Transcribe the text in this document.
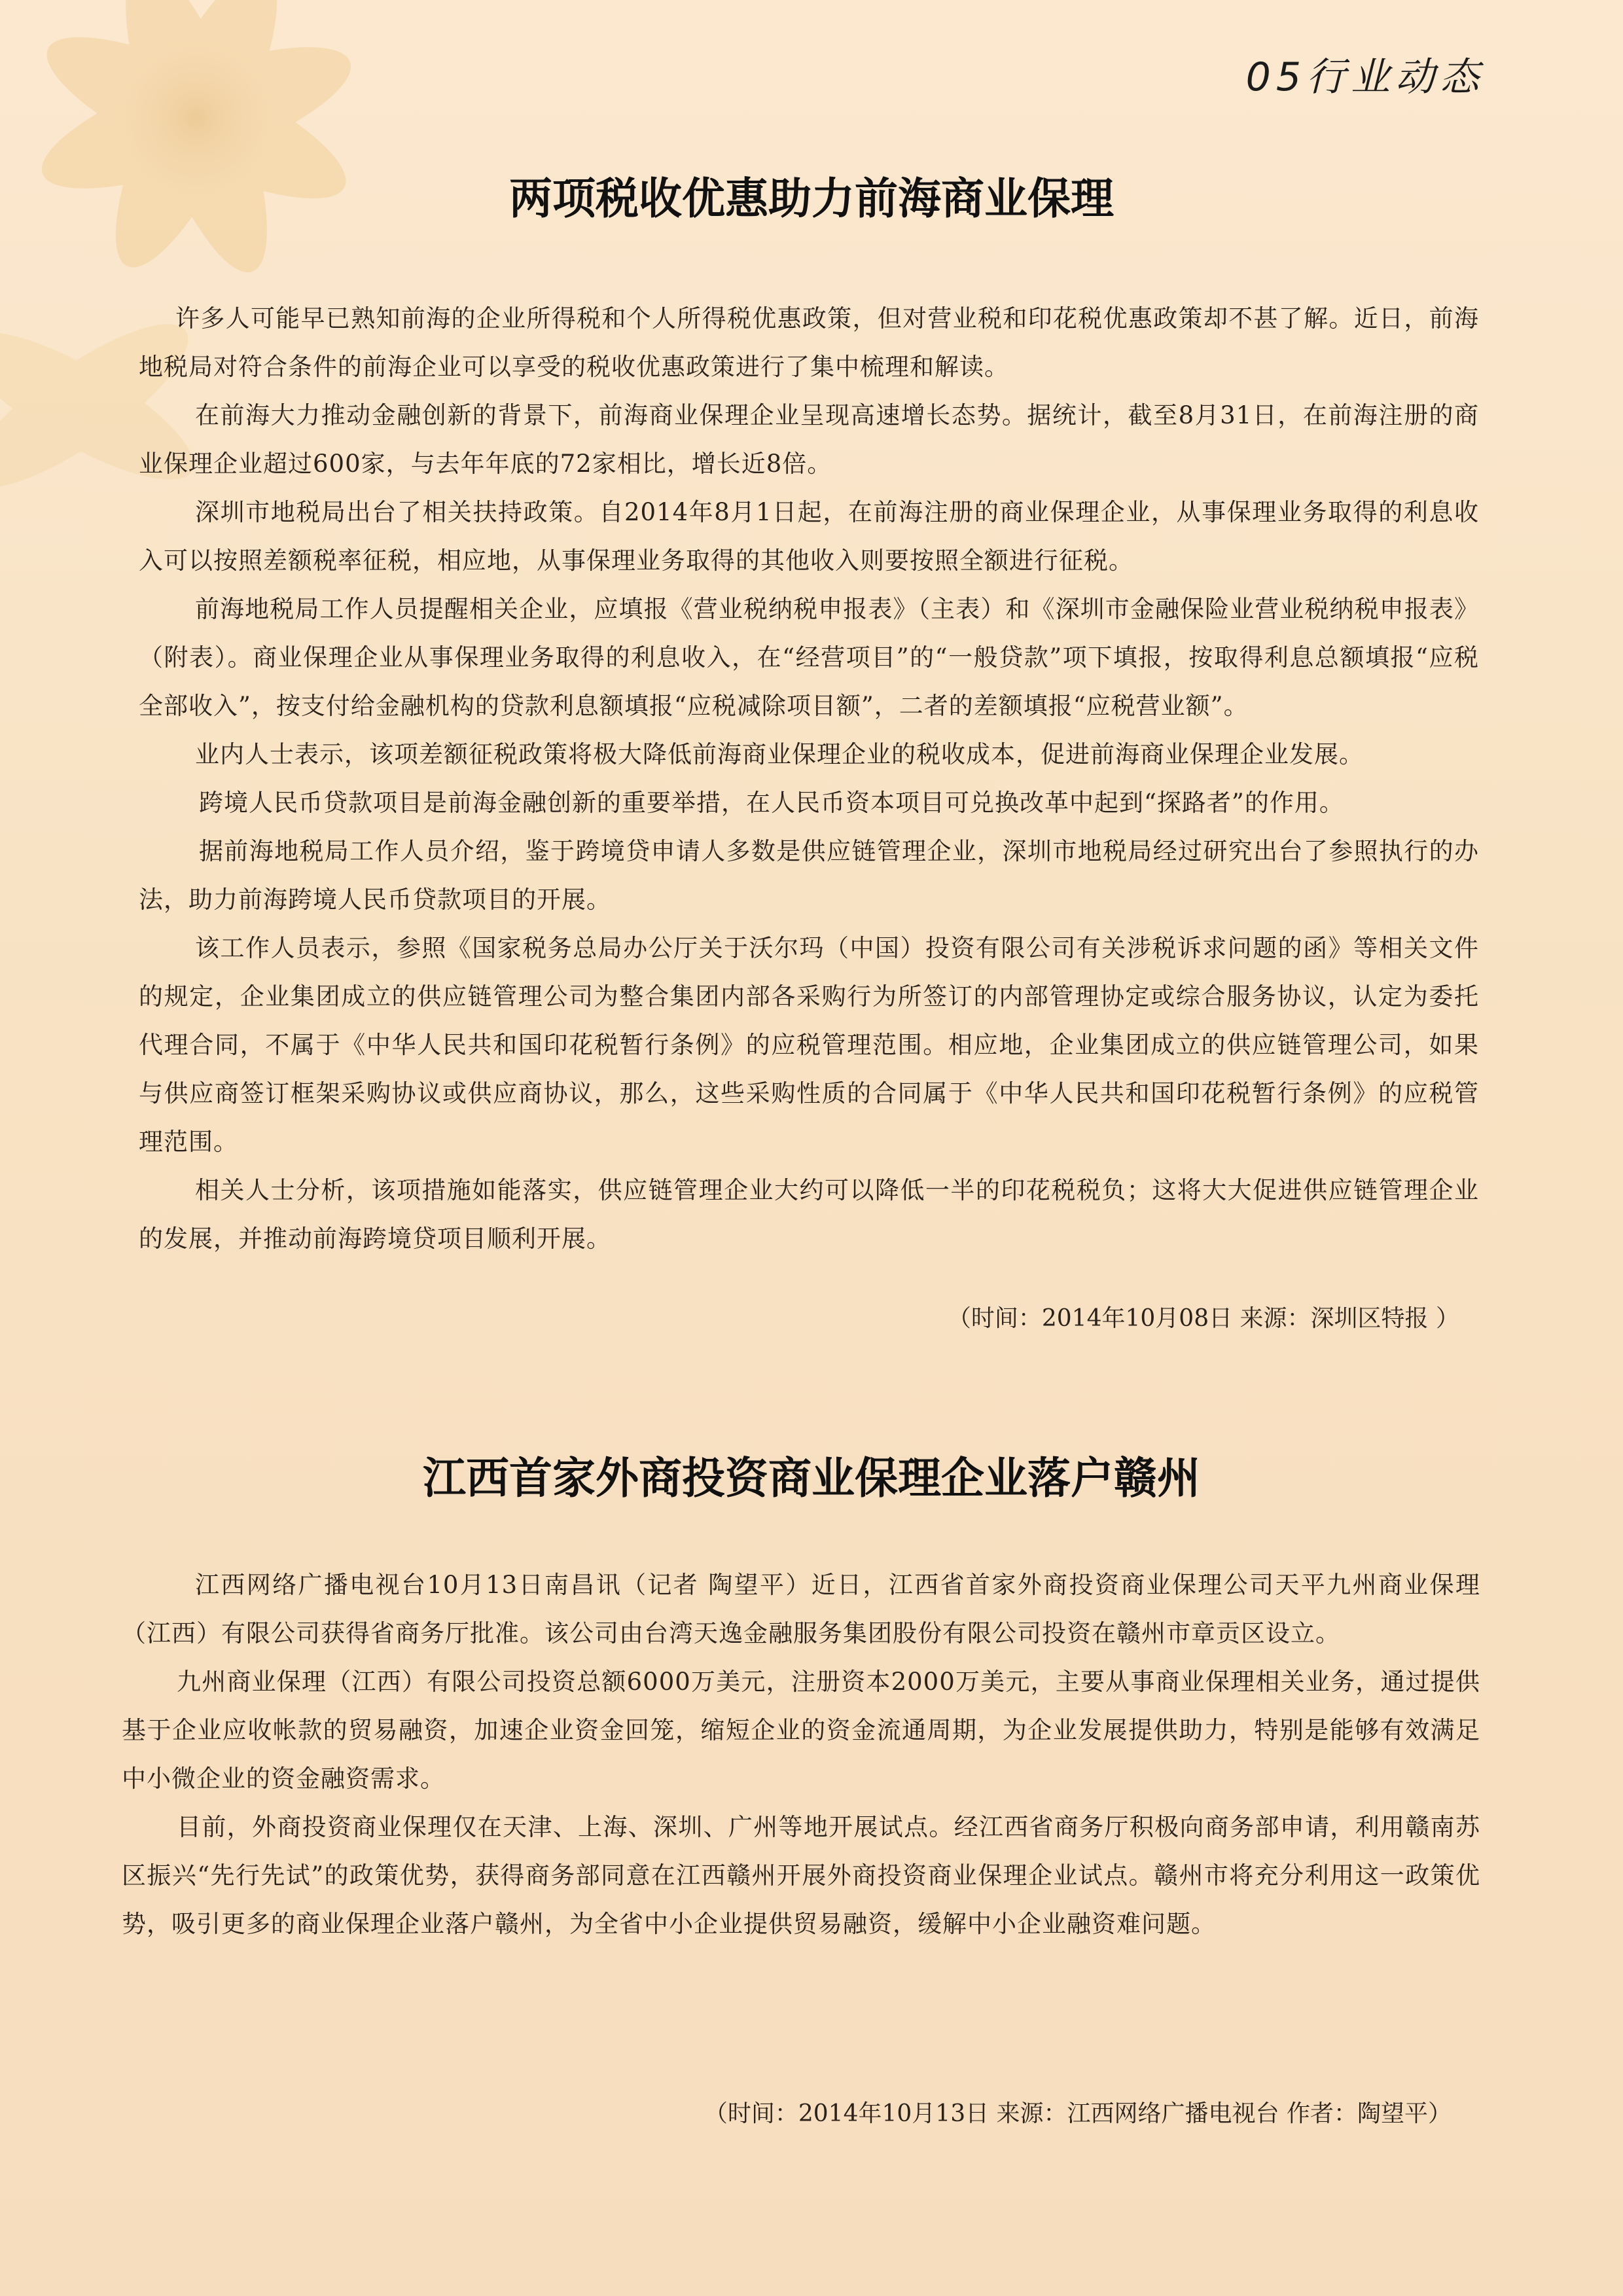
05行业动态
两项税收优惠助力前海商业保理

许多人可能早已熟知前海的企业所得税和个人所得税优惠政策，但对营业税和印花税优惠政策却不甚了解。近日，前海地税局对符合条件的前海企业可以享受的税收优惠政策进行了集中梳理和解读。

在前海大力推动金融创新的背景下，前海商业保理企业呈现高速增长态势。据统计，截至8月31日，在前海注册的商业保理企业超过600家，与去年年底的72家相比，增长近8倍。

深圳市地税局出台了相关扶持政策。自2014年8月1日起，在前海注册的商业保理企业，从事保理业务取得的利息收入可以按照差额税率征税，相应地，从事保理业务取得的其他收入则要按照全额进行征税。

前海地税局工作人员提醒相关企业，应填报《营业税纳税申报表》（主表）和《深圳市金融保险业营业税纳税申报表》（附表）。商业保理企业从事保理业务取得的利息收入，在“经营项目”的“一般贷款”项下填报，按取得利息总额填报“应税全部收入”，按支付给金融机构的贷款利息额填报“应税减除项目额”，二者的差额填报“应税营业额”。

业内人士表示，该项差额征税政策将极大降低前海商业保理企业的税收成本，促进前海商业保理企业发展。

跨境人民币贷款项目是前海金融创新的重要举措，在人民币资本项目可兑换改革中起到“探路者”的作用。

据前海地税局工作人员介绍，鉴于跨境贷申请人多数是供应链管理企业，深圳市地税局经过研究出台了参照执行的办法，助力前海跨境人民币贷款项目的开展。

该工作人员表示，参照《国家税务总局办公厅关于沃尔玛（中国）投资有限公司有关涉税诉求问题的函》等相关文件的规定，企业集团成立的供应链管理公司为整合集团内部各采购行为所签订的内部管理协定或综合服务协议，认定为委托代理合同，不属于《中华人民共和国印花税暂行条例》的应税管理范围。相应地，企业集团成立的供应链管理公司，如果与供应商签订框架采购协议或供应商协议，那么，这些采购性质的合同属于《中华人民共和国印花税暂行条例》的应税管理范围。

相关人士分析，该项措施如能落实，供应链管理企业大约可以降低一半的印花税税负；这将大大促进供应链管理企业的发展，并推动前海跨境贷项目顺利开展。

（时间：2014年10月08日 来源：深圳区特报 ）

江西首家外商投资商业保理企业落户赣州

江西网络广播电视台10月13日南昌讯（记者 陶望平）近日，江西省首家外商投资商业保理公司天平九州商业保理（江西）有限公司获得省商务厅批准。该公司由台湾天逸金融服务集团股份有限公司投资在赣州市章贡区设立。

九州商业保理（江西）有限公司投资总额6000万美元，注册资本2000万美元，主要从事商业保理相关业务，通过提供基于企业应收帐款的贸易融资，加速企业资金回笼，缩短企业的资金流通周期，为企业发展提供助力，特别是能够有效满足中小微企业的资金融资需求。

目前，外商投资商业保理仅在天津、上海、深圳、广州等地开展试点。经江西省商务厅积极向商务部申请，利用赣南苏区振兴“先行先试”的政策优势，获得商务部同意在江西赣州开展外商投资商业保理企业试点。赣州市将充分利用这一政策优势，吸引更多的商业保理企业落户赣州，为全省中小企业提供贸易融资，缓解中小企业融资难问题。

（时间：2014年10月13日 来源：江西网络广播电视台 作者：陶望平）
